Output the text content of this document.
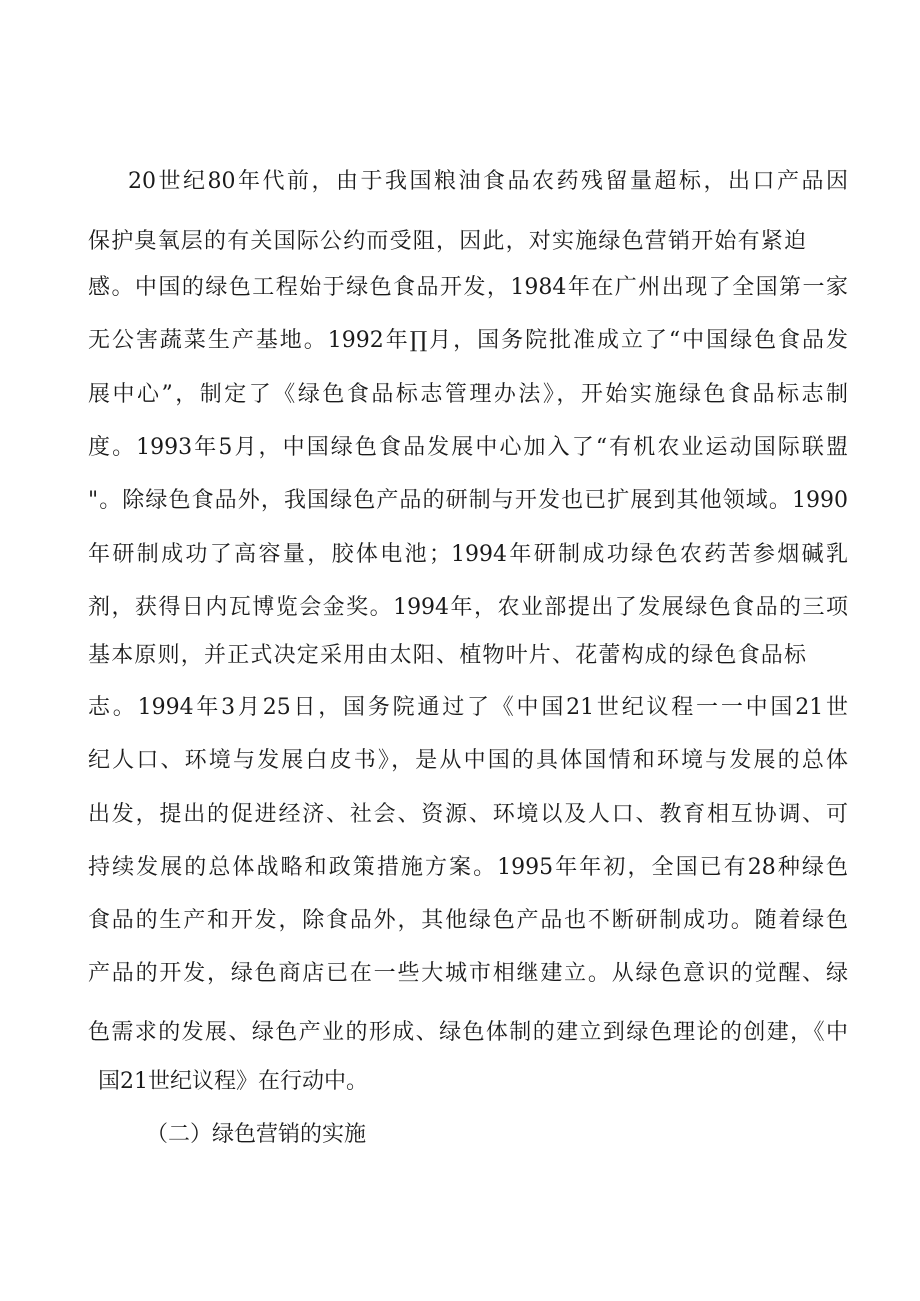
20世纪80年代前，由于我国粮油食品农药残留量超标，出口产品因
保护臭氧层的有关国际公约而受阻，因此，对实施绿色营销开始有紧迫
感。中国的绿色工程始于绿色食品开发，1984年在广州出现了全国第一家
无公害蔬菜生产基地。1992年∏月，国务院批准成立了“中国绿色食品发
展中心”，制定了《绿色食品标志管理办法》，开始实施绿色食品标志制
度。1993年5月，中国绿色食品发展中心加入了“有机农业运动国际联盟
"。除绿色食品外，我国绿色产品的研制与开发也已扩展到其他领域。1990
年研制成功了高容量，胶体电池；1994年研制成功绿色农药苦参烟碱乳
剂，获得日内瓦博览会金奖。1994年，农业部提出了发展绿色食品的三项
基本原则，并正式决定采用由太阳、植物叶片、花蕾构成的绿色食品标
志。1994年3月25日，国务院通过了《中国21世纪议程一一中国21世
纪人口、环境与发展白皮书》，是从中国的具体国情和环境与发展的总体
出发，提出的促进经济、社会、资源、环境以及人口、教育相互协调、可
持续发展的总体战略和政策措施方案。1995年年初，全国已有28种绿色
食品的生产和开发，除食品外，其他绿色产品也不断研制成功。随着绿色
产品的开发，绿色商店已在一些大城市相继建立。从绿色意识的觉醒、绿
色需求的发展、绿色产业的形成、绿色体制的建立到绿色理论的创建，《中
国21世纪议程》在行动中。
（二）绿色营销的实施
